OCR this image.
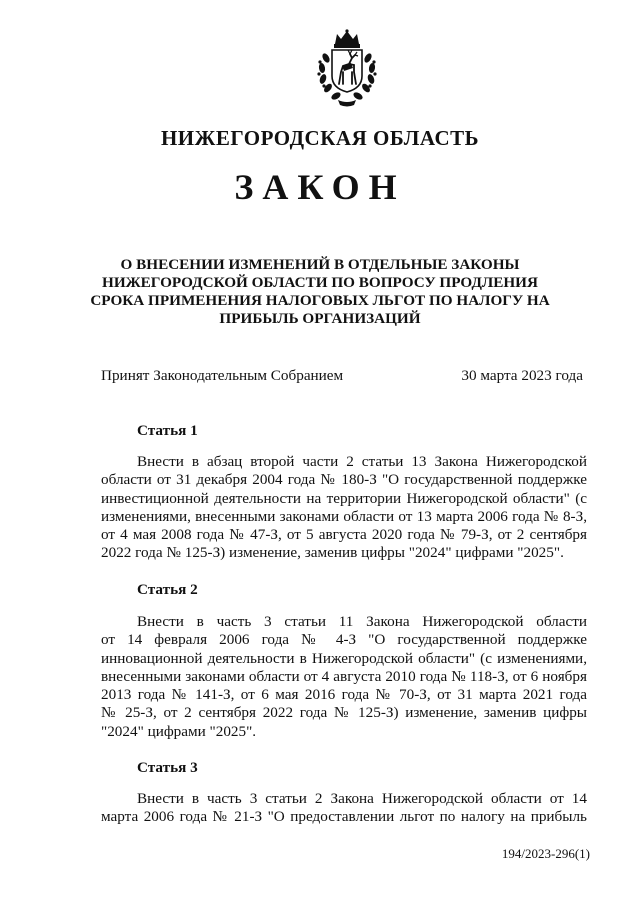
НИЖЕГОРОДСКАЯ ОБЛАСТЬ
ЗАКОН
О ВНЕСЕНИИ ИЗМЕНЕНИЙ В ОТДЕЛЬНЫЕ ЗАКОНЫ
НИЖЕГОРОДСКОЙ ОБЛАСТИ ПО ВОПРОСУ ПРОДЛЕНИЯ
СРОКА ПРИМЕНЕНИЯ НАЛОГОВЫХ ЛЬГОТ ПО НАЛОГУ НА
ПРИБЫЛЬ ОРГАНИЗАЦИЙ
Принят Законодательным Собранием	30 марта 2023 года
Статья 1
Внести в абзац второй части 2 статьи 13 Закона Нижегородской
области от 31 декабря 2004 года № 180-З "О государственной поддержке
инвестиционной деятельности на территории Нижегородской области" (с
изменениями, внесенными законами области от 13 марта 2006 года № 8-З,
от 4 мая 2008 года № 47-З, от 5 августа 2020 года № 79-З, от 2 сентября
2022 года № 125-З) изменение, заменив цифры "2024" цифрами "2025".
Статья 2
Внести в часть 3 статьи 11 Закона Нижегородской области
от 14 февраля 2006 года № 4-З "О государственной поддержке
инновационной деятельности в Нижегородской области" (с изменениями,
внесенными законами области от 4 августа 2010 года № 118-З, от 6 ноября
2013 года № 141-З, от 6 мая 2016 года № 70-З, от 31 марта 2021 года
№ 25-З, от 2 сентября 2022 года № 125-З) изменение, заменив цифры
"2024" цифрами "2025".
Статья 3
Внести в часть 3 статьи 2 Закона Нижегородской области от 14
марта 2006 года № 21-З "О предоставлении льгот по налогу на прибыль
194/2023-296(1)
